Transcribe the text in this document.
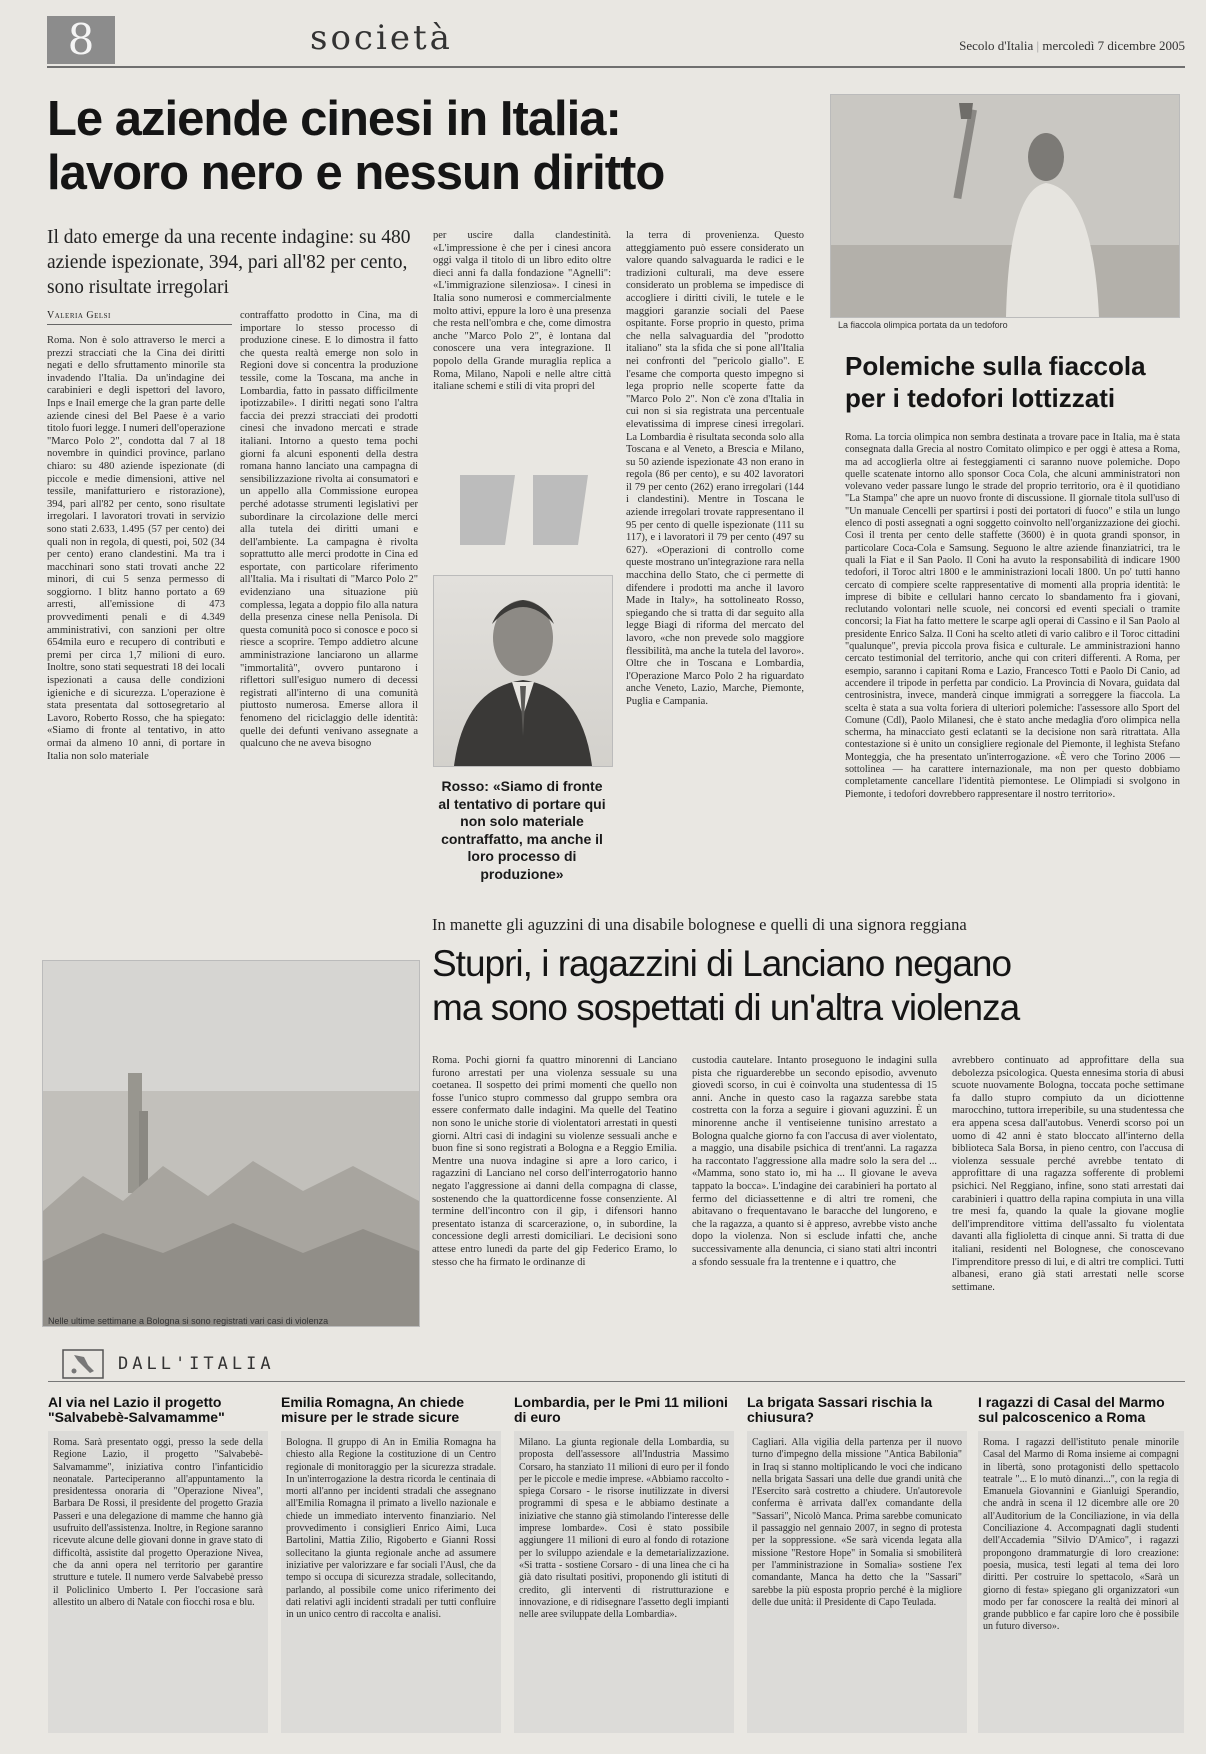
8	società	Secolo d'Italia | mercoledì 7 dicembre 2005
Le aziende cinesi in Italia:
lavoro nero e nessun diritto
Il dato emerge da una recente indagine: su 480 aziende ispezionate, 394, pari all'82 per cento, sono risultate irregolari
Valeria Gelsi
Roma. Non è solo attraverso le merci a prezzi stracciati che la Cina dei diritti negati e dello sfruttamento minorile sta invadendo l'Italia. Da un'indagine dei carabinieri e degli ispettori del lavoro, Inps e Inail emerge che la gran parte delle aziende cinesi del Bel Paese è a vario titolo fuori legge. I numeri dell'operazione "Marco Polo 2", condotta dal 7 al 18 novembre in quindici province, parlano chiaro: su 480 aziende ispezionate (di piccole e medie dimensioni, attive nel tessile, manifatturiero e ristorazione), 394, pari all'82 per cento, sono risultate irregolari. I lavoratori trovati in servizio sono stati 2.633, 1.495 (57 per cento) dei quali non in regola, di questi, poi, 502 (34 per cento) erano clandestini. Ma tra i macchinari sono stati trovati anche 22 minori, di cui 5 senza permesso di soggiorno. I blitz hanno portato a 69 arresti, all'emissione di 473 provvedimenti penali e di 4.349 amministrativi, con sanzioni per oltre 654mila euro e recupero di contributi e premi per circa 1,7 milioni di euro. Inoltre, sono stati sequestrati 18 dei locali ispezionati a causa delle condizioni igieniche e di sicurezza. L'operazione è stata presentata dal sottosegretario al Lavoro, Roberto Rosso, che ha spiegato: «Siamo di fronte al tentativo, in atto ormai da almeno 10 anni, di portare in Italia non solo materiale
contraffatto prodotto in Cina, ma di importare lo stesso processo di produzione cinese. E lo dimostra il fatto che questa realtà emerge non solo in Regioni dove si concentra la produzione tessile, come la Toscana, ma anche in Lombardia, fatto in passato difficilmente ipotizzabile». I diritti negati sono l'altra faccia dei prezzi stracciati dei prodotti cinesi che invadono mercati e strade italiani. Intorno a questo tema pochi giorni fa alcuni esponenti della destra romana hanno lanciato una campagna di sensibilizzazione rivolta ai consumatori e un appello alla Commissione europea perché adotasse strumenti legislativi per subordinare la circolazione delle merci alla tutela dei diritti umani e dell'ambiente. La campagna è rivolta soprattutto alle merci prodotte in Cina ed esportate, con particolare riferimento all'Italia. Ma i risultati di "Marco Polo 2" evidenziano una situazione più complessa, legata a doppio filo alla natura della presenza cinese nella Penisola. Di questa comunità poco si conosce e poco si riesce a scoprire. Tempo addietro alcune amministrazione lanciarono un allarme "immortalità", ovvero puntarono i riflettori sull'esiguo numero di decessi registrati all'interno di una comunità piuttosto numerosa. Emerse allora il fenomeno del riciclaggio delle identità: quelle dei defunti venivano assegnate a qualcuno che ne aveva bisogno
per uscire dalla clandestinità. «L'impressione è che per i cinesi ancora oggi valga il titolo di un libro edito oltre dieci anni fa dalla fondazione "Agnelli": «L'immigrazione silenziosa». I cinesi in Italia sono numerosi e commercialmente molto attivi, eppure la loro è una presenza che resta nell'ombra e che, come dimostra anche "Marco Polo 2", è lontana dal conoscere una vera integrazione. Il popolo della Grande muraglia replica a Roma, Milano, Napoli e nelle altre città italiane schemi e stili di vita propri del
la terra di provenienza. Questo atteggiamento può essere considerato un valore quando salvaguarda le radici e le tradizioni culturali, ma deve essere considerato un problema se impedisce di accogliere i diritti civili, le tutele e le maggiori garanzie sociali del Paese ospitante. Forse proprio in questo, prima che nella salvaguardia del "prodotto italiano" sta la sfida che si pone all'Italia nei confronti del "pericolo giallo". E l'esame che comporta questo impegno si lega proprio nelle scoperte fatte da "Marco Polo 2". Non c'è zona d'Italia in cui non si sia registrata una percentuale elevatissima di imprese cinesi irregolari. La Lombardia è risultata seconda solo alla Toscana e al Veneto, a Brescia e Milano, su 50 aziende ispezionate 43 non erano in regola (86 per cento), e su 402 lavoratori il 79 per cento (262) erano irregolari (144 i clandestini). Mentre in Toscana le aziende irregolari trovate rappresentano il 95 per cento di quelle ispezionate (111 su 117), e i lavoratori il 79 per cento (497 su 627). «Operazioni di controllo come queste mostrano un'integrazione rara nella macchina dello Stato, che ci permette di difendere i prodotti ma anche il lavoro Made in Italy», ha sottolineato Rosso, spiegando che si tratta di dar seguito alla legge Biagi di riforma del mercato del lavoro, «che non prevede solo maggiore flessibilità, ma anche la tutela del lavoro». Oltre che in Toscana e Lombardia, l'Operazione Marco Polo 2 ha riguardato anche Veneto, Lazio, Marche, Piemonte, Puglia e Campania.
Rosso: «Siamo di fronte al tentativo di portare qui non solo materiale contraffatto, ma anche il loro processo di produzione»
La fiaccola olimpica portata da un tedoforo
Polemiche sulla fiaccola
per i tedofori lottizzati
Roma. La torcia olimpica non sembra destinata a trovare pace in Italia, ma è stata consegnata dalla Grecia al nostro Comitato olimpico e per oggi è attesa a Roma, ma ad accoglierla oltre ai festeggiamenti ci saranno nuove polemiche. Dopo quelle scatenate intorno allo sponsor Coca Cola, che alcuni amministratori non volevano veder passare lungo le strade del proprio territorio, ora è il quotidiano "La Stampa" che apre un nuovo fronte di discussione. Il giornale titola sull'uso di "Un manuale Cencelli per spartirsi i posti dei portatori di fuoco" e stila un lungo elenco di posti assegnati a ogni soggetto coinvolto nell'organizzazione dei giochi. Così il trenta per cento delle staffette (3600) è in quota grandi sponsor, in particolare Coca-Cola e Samsung. Seguono le altre aziende finanziatrici, tra le quali la Fiat e il San Paolo. Il Coni ha avuto la responsabilità di indicare 1900 tedofori, il Toroc altri 1800 e le amministrazioni locali 1800. Un po' tutti hanno cercato di compiere scelte rappresentative di momenti alla propria identità: le imprese di bibite e cellulari hanno cercato lo sbandamento fra i giovani, reclutando volontari nelle scuole, nei concorsi ed eventi speciali o tramite concorsi; la Fiat ha fatto mettere le scarpe agli operai di Cassino e il San Paolo al presidente Enrico Salza. Il Coni ha scelto atleti di vario calibro e il Toroc cittadini "qualunque", previa piccola prova fisica e culturale. Le amministrazioni hanno cercato testimonial del territorio, anche qui con criteri differenti. A Roma, per esempio, saranno i capitani Roma e Lazio, Francesco Totti e Paolo Di Canio, ad accendere il tripode in perfetta par condicio. La Provincia di Novara, guidata dal centrosinistra, invece, manderà cinque immigrati a sorreggere la fiaccola. La scelta è stata a sua volta foriera di ulteriori polemiche: l'assessore allo Sport del Comune (Cdl), Paolo Milanesi, che è stato anche medaglia d'oro olimpica nella scherma, ha minacciato gesti eclatanti se la decisione non sarà ritrattata. Alla contestazione si è unito un consigliere regionale del Piemonte, il leghista Stefano Monteggia, che ha presentato un'interrogazione. «È vero che Torino 2006 — sottolinea — ha carattere internazionale, ma non per questo dobbiamo completamente cancellare l'identità piemontese. Le Olimpiadi si svolgono in Piemonte, i tedofori dovrebbero rappresentare il nostro territorio».
In manette gli aguzzini di una disabile bolognese e quelli di una signora reggiana
Stupri, i ragazzini di Lanciano negano
ma sono sospettati di un'altra violenza
Nelle ultime settimane a Bologna si sono registrati vari casi di violenza
Roma. Pochi giorni fa quattro minorenni di Lanciano furono arrestati per una violenza sessuale su una coetanea. Il sospetto dei primi momenti che quello non fosse l'unico stupro commesso dal gruppo sembra ora essere confermato dalle indagini. Ma quelle del Teatino non sono le uniche storie di violentatori arrestati in questi giorni. Altri casi di indagini su violenze sessuali anche e buon fine si sono registrati a Bologna e a Reggio Emilia. Mentre una nuova indagine si apre a loro carico, i ragazzini di Lanciano nel corso dell'interrogatorio hanno negato l'aggressione ai danni della compagna di classe, sostenendo che la quattordicenne fosse consenziente. Al termine dell'incontro con il gip, i difensori hanno presentato istanza di scarcerazione, o, in subordine, la concessione degli arresti domiciliari. Le decisioni sono attese entro lunedì da parte del gip Federico Eramo, lo stesso che ha firmato le ordinanze di
custodia cautelare. Intanto proseguono le indagini sulla pista che riguarderebbe un secondo episodio, avvenuto giovedì scorso, in cui è coinvolta una studentessa di 15 anni. Anche in questo caso la ragazza sarebbe stata costretta con la forza a seguire i giovani aguzzini. È un minorenne anche il ventiseienne tunisino arrestato a Bologna qualche giorno fa con l'accusa di aver violentato, a maggio, una disabile psichica di trent'anni. La ragazza ha raccontato l'aggressione alla madre solo la sera del ... «Mamma, sono stato io, mi ha ... Il giovane le aveva tappato la bocca». L'indagine dei carabinieri ha portato al fermo del diciassettenne e di altri tre romeni, che abitavano o frequentavano le baracche del lungoreno, e che la ragazza, a quanto si è appreso, avrebbe visto anche dopo la violenza. Non si esclude infatti che, anche successivamente alla denuncia, ci siano stati altri incontri a sfondo sessuale fra la trentenne e i quattro, che
avrebbero continuato ad approfittare della sua debolezza psicologica. Questa ennesima storia di abusi scuote nuovamente Bologna, toccata poche settimane fa dallo stupro compiuto da un diciottenne marocchino, tuttora irreperibile, su una studentessa che era appena scesa dall'autobus. Venerdì scorso poi un uomo di 42 anni è stato bloccato all'interno della biblioteca Sala Borsa, in pieno centro, con l'accusa di violenza sessuale perché avrebbe tentato di approfittare di una ragazza sofferente di problemi psichici. Nel Reggiano, infine, sono stati arrestati dai carabinieri i quattro della rapina compiuta in una villa tre mesi fa, quando la quale la giovane moglie dell'imprenditore vittima dell'assalto fu violentata davanti alla figlioletta di cinque anni. Si tratta di due italiani, residenti nel Bolognese, che conoscevano l'imprenditore presso di lui, e di altri tre complici. Tutti albanesi, erano già stati arrestati nelle scorse settimane.
DALL'ITALIA
Al via nel Lazio il progetto "Salvabebè-Salvamamme"
Roma. Sarà presentato oggi, presso la sede della Regione Lazio, il progetto "Salvabebè-Salvamamme", iniziativa contro l'infanticidio neonatale. Parteciperanno all'appuntamento la presidentessa onoraria di "Operazione Nivea", Barbara De Rossi, il presidente del progetto Grazia Passeri e una delegazione di mamme che hanno già usufruito dell'assistenza. Inoltre, in Regione saranno ricevute alcune delle giovani donne in grave stato di difficoltà, assistite dal progetto Operazione Nivea, che da anni opera nel territorio per garantire strutture e tutele. Il numero verde Salvabebè presso il Policlinico Umberto I. Per l'occasione sarà allestito un albero di Natale con fiocchi rosa e blu.
Emilia Romagna, An chiede misure per le strade sicure
Bologna. Il gruppo di An in Emilia Romagna ha chiesto alla Regione la costituzione di un Centro regionale di monitoraggio per la sicurezza stradale. In un'interrogazione la destra ricorda le centinaia di morti all'anno per incidenti stradali che assegnano all'Emilia Romagna il primato a livello nazionale e chiede un immediato intervento finanziario. Nel provvedimento i consiglieri Enrico Aimi, Luca Bartolini, Mattia Zilio, Rigoberto e Gianni Rossi sollecitano la giunta regionale anche ad assumere iniziative per valorizzare e far sociali l'Ausl, che da tempo si occupa di sicurezza stradale, sollecitando, parlando, al possibile come unico riferimento dei dati relativi agli incidenti stradali per tutti confluire in un unico centro di raccolta e analisi.
Lombardia, per le Pmi 11 milioni di euro
Milano. La giunta regionale della Lombardia, su proposta dell'assessore all'Industria Massimo Corsaro, ha stanziato 11 milioni di euro per il fondo per le piccole e medie imprese. «Abbiamo raccolto - spiega Corsaro - le risorse inutilizzate in diversi programmi di spesa e le abbiamo destinate a iniziative che stanno già stimolando l'interesse delle imprese lombarde». Così è stato possibile aggiungere 11 milioni di euro al fondo di rotazione per lo sviluppo aziendale e la demetarializzazione. «Si tratta - sostiene Corsaro - di una linea che ci ha già dato risultati positivi, proponendo gli istituti di credito, gli interventi di ristrutturazione e innovazione, e di ridisegnare l'assetto degli impianti nelle aree sviluppate della Lombardia».
La brigata Sassari rischia la chiusura?
Cagliari. Alla vigilia della partenza per il nuovo turno d'impegno della missione "Antica Babilonia" in Iraq si stanno moltiplicando le voci che indicano nella brigata Sassari una delle due grandi unità che l'Esercito sarà costretto a chiudere. Un'autorevole conferma è arrivata dall'ex comandante della "Sassari", Nicolò Manca. Prima sarebbe comunicato il passaggio nel gennaio 2007, in segno di protesta per la soppressione. «Se sarà vicenda legata alla missione "Restore Hope" in Somalia si smobiliterà per l'amministrazione in Somalia» sostiene l'ex comandante, Manca ha detto che la "Sassari" sarebbe la più esposta proprio perché è la migliore delle due unità: il Presidente di Capo Teulada.
I ragazzi di Casal del Marmo sul palcoscenico a Roma
Roma. I ragazzi dell'istituto penale minorile Casal del Marmo di Roma insieme ai compagni in libertà, sono protagonisti dello spettacolo teatrale "... E lo mutò dinanzi...", con la regia di Emanuela Giovannini e Gianluigi Sperandio, che andrà in scena il 12 dicembre alle ore 20 all'Auditorium de la Conciliazione, in via della Conciliazione 4. Accompagnati dagli studenti dell'Accademia "Silvio D'Amico", i ragazzi propongono drammaturgie di loro creazione: poesia, musica, testi legati al tema dei loro diritti. Per costruire lo spettacolo, «Sarà un giorno di festa» spiegano gli organizzatori «un modo per far conoscere la realtà dei minori al grande pubblico e far capire loro che è possibile un futuro diverso».
